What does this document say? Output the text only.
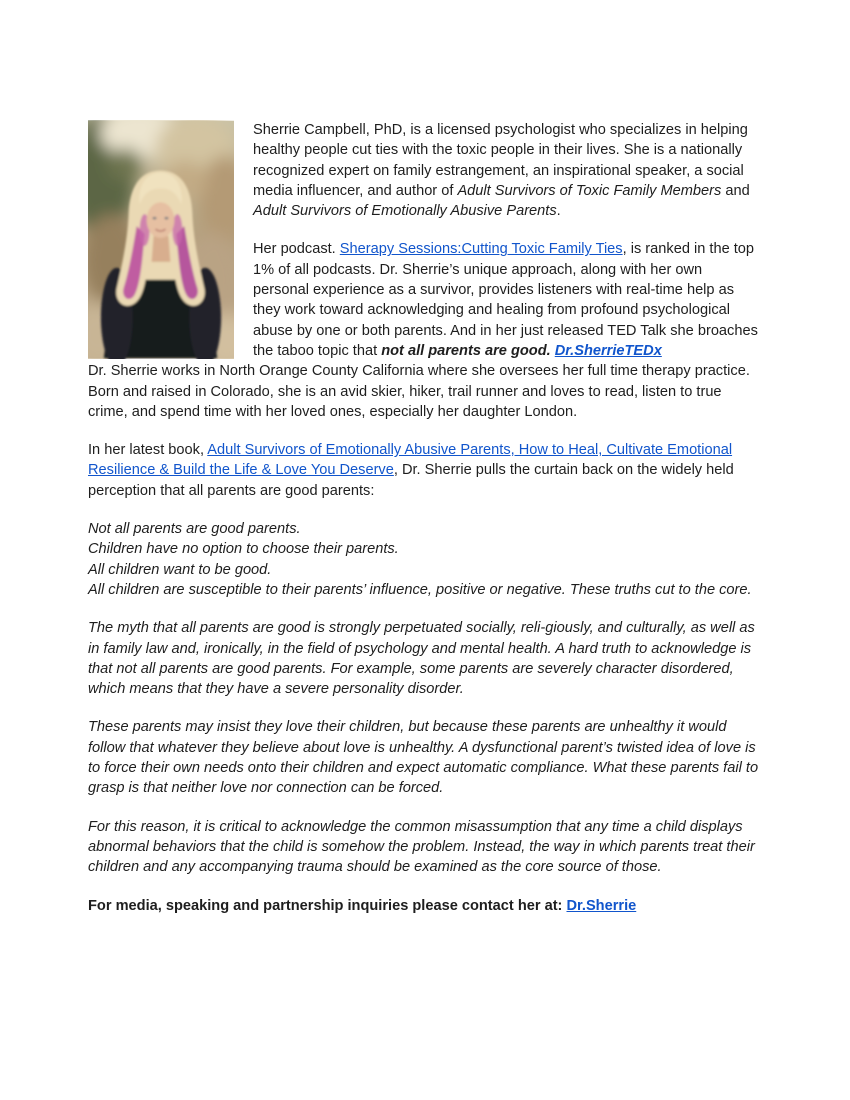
Sherrie Campbell, PhD, is a licensed psychologist who specializes in helping healthy people cut ties with the toxic people in their lives. She is a nationally recognized expert on family estrangement, an inspirational speaker, a social media influencer, and author of Adult Survivors of Toxic Family Members and Adult Survivors of Emotionally Abusive Parents.

Her podcast. Sherapy Sessions:Cutting Toxic Family Ties, is ranked in the top 1% of all podcasts. Dr. Sherrie’s unique approach, along with her own personal experience as a survivor, provides listeners with real-time help as they work toward acknowledging and healing from profound psychological abuse by one or both parents. And in her just released TED Talk she broaches the taboo topic that not all parents are good. Dr.SherrieTEDx

Dr. Sherrie works in North Orange County California where she oversees her full time therapy practice. Born and raised in Colorado, she is an avid skier, hiker, trail runner and loves to read, listen to true crime, and spend time with her loved ones, especially her daughter London.

In her latest book, Adult Survivors of Emotionally Abusive Parents, How to Heal, Cultivate Emotional Resilience & Build the Life & Love You Deserve, Dr. Sherrie pulls the curtain back on the widely held perception that all parents are good parents:

Not all parents are good parents.
Children have no option to choose their parents.
All children want to be good.
All children are susceptible to their parents’ influence, positive or negative. These truths cut to the core.

The myth that all parents are good is strongly perpetuated socially, reli-giously, and culturally, as well as in family law and, ironically, in the field of psychology and mental health. A hard truth to acknowledge is that not all parents are good parents. For example, some parents are severely character disordered, which means that they have a severe personality disorder.

These parents may insist they love their children, but because these parents are unhealthy it would follow that whatever they believe about love is unhealthy. A dysfunctional parent’s twisted idea of love is to force their own needs onto their children and expect automatic compliance. What these parents fail to grasp is that neither love nor connection can be forced.

For this reason, it is critical to acknowledge the common misassumption that any time a child displays abnormal behaviors that the child is somehow the problem. Instead, the way in which parents treat their children and any accompanying trauma should be examined as the core source of those.

For media, speaking and partnership inquiries please contact her at: Dr.Sherrie
